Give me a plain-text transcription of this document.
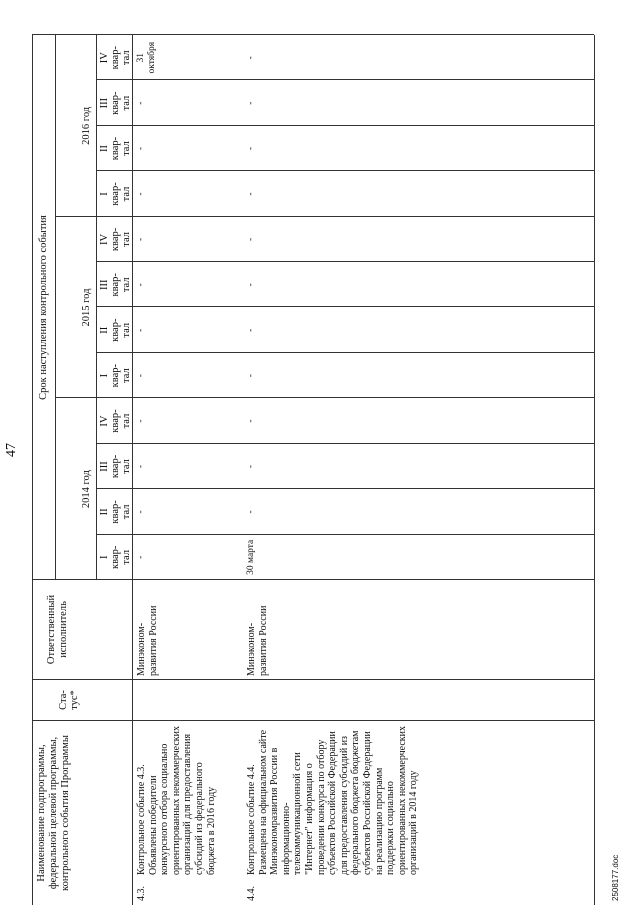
47
2508177.doc
Наименование подпрограммы, федеральной целевой программы, контрольного события Программы
Ста-
тус*
Ответственный исполнитель
Срок наступления контрольного события
2014 год
2015 год
2016 год
I квар-
тал
II квар-
тал
III квар-
тал
IV квар-
тал
I квар-
тал
II квар-
тал
III квар-
тал
IV квар-
тал
I квар-
тал
II квар-
тал
III квар-
тал
IV квар-
тал
4.3.
Контрольное событие 4.3. Объявлены победители конкурсного отбора социально ориентированных некоммерческих организаций для предоставления субсидий из федерального бюджета в 2016 году
Минэконом-
развития России
-
-
-
-
-
-
-
-
-
-
-
31
октября
4.4.
Контрольное событие 4.4. Размещена на официальном сайте Минэкономразвития России в информационно-телекоммуникационной сети "Интернет" информация о проведении конкурса по отбору субъектов Российской Федерации для предоставления субсидий из федерального бюджета бюджетам субъектов Российской Федерации на реализацию программ поддержки социально ориентированных некоммерческих организаций в 2014 году
Минэконом-
развития России
30 марта
-
-
-
-
-
-
-
-
-
-
-
